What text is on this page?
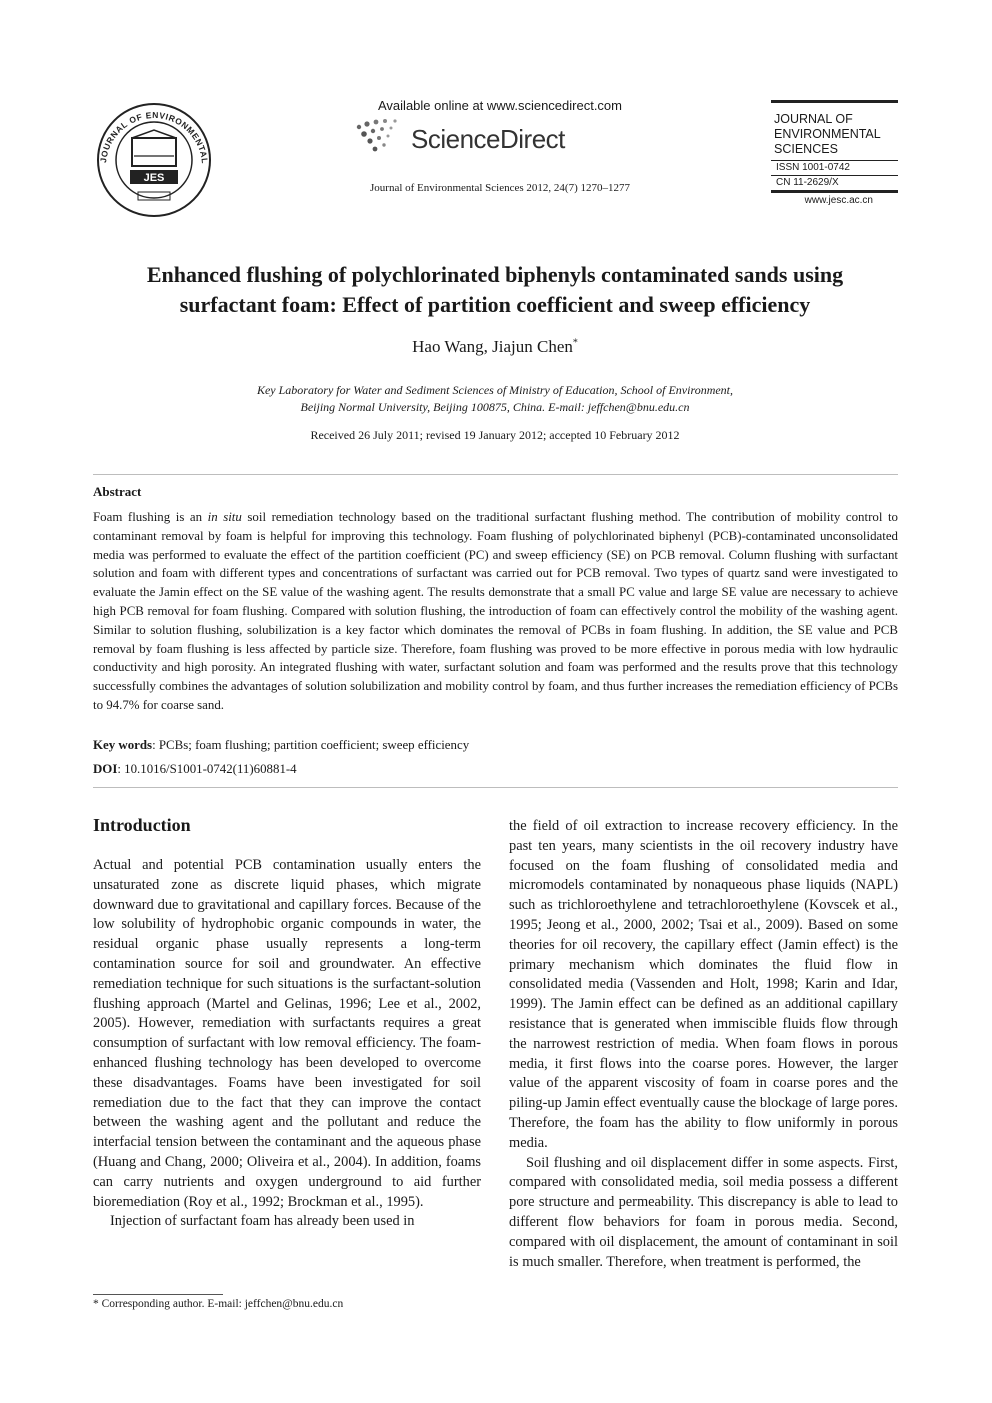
JOURNAL OF ENVIRONMENTAL
JES
Available online at www.sciencedirect.com
ScienceDirect
Journal of Environmental Sciences 2012, 24(7) 1270–1277
JOURNAL OF
ENVIRONMENTAL
SCIENCES
ISSN 1001-0742
CN 11-2629/X
www.jesc.ac.cn
Enhanced flushing of polychlorinated biphenyls contaminated sands using
surfactant foam: Effect of partition coefficient and sweep efficiency
Hao Wang, Jiajun Chen*
Key Laboratory for Water and Sediment Sciences of Ministry of Education, School of Environment,
Beijing Normal University, Beijing 100875, China. E-mail: jeffchen@bnu.edu.cn
Received 26 July 2011; revised 19 January 2012; accepted 10 February 2012
Abstract
Foam flushing is an in situ soil remediation technology based on the traditional surfactant flushing method. The contribution of mobility control to contaminant removal by foam is helpful for improving this technology. Foam flushing of polychlorinated biphenyl (PCB)-contaminated unconsolidated media was performed to evaluate the effect of the partition coefficient (PC) and sweep efficiency (SE) on PCB removal. Column flushing with surfactant solution and foam with different types and concentrations of surfactant was carried out for PCB removal. Two types of quartz sand were investigated to evaluate the Jamin effect on the SE value of the washing agent. The results demonstrate that a small PC value and large SE value are necessary to achieve high PCB removal for foam flushing. Compared with solution flushing, the introduction of foam can effectively control the mobility of the washing agent. Similar to solution flushing, solubilization is a key factor which dominates the removal of PCBs in foam flushing. In addition, the SE value and PCB removal by foam flushing is less affected by particle size. Therefore, foam flushing was proved to be more effective in porous media with low hydraulic conductivity and high porosity. An integrated flushing with water, surfactant solution and foam was performed and the results prove that this technology successfully combines the advantages of solution solubilization and mobility control by foam, and thus further increases the remediation efficiency of PCBs to 94.7% for coarse sand.
Key words: PCBs; foam flushing; partition coefficient; sweep efficiency
DOI: 10.1016/S1001-0742(11)60881-4
Introduction

Actual and potential PCB contamination usually enters the unsaturated zone as discrete liquid phases, which migrate downward due to gravitational and capillary forces. Because of the low solubility of hydrophobic organic compounds in water, the residual organic phase usually represents a long-term contamination source for soil and groundwater. An effective remediation technique for such situations is the surfactant-solution flushing approach (Martel and Gelinas, 1996; Lee et al., 2002, 2005). However, remediation with surfactants requires a great consumption of surfactant with low removal efficiency. The foam-enhanced flushing technology has been developed to overcome these disadvantages. Foams have been investigated for soil remediation due to the fact that they can improve the contact between the washing agent and the pollutant and reduce the interfacial tension between the contaminant and the aqueous phase (Huang and Chang, 2000; Oliveira et al., 2004). In addition, foams can carry nutrients and oxygen underground to aid further bioremediation (Roy et al., 1992; Brockman et al., 1995).

Injection of surfactant foam has already been used in

the field of oil extraction to increase recovery efficiency. In the past ten years, many scientists in the oil recovery industry have focused on the foam flushing of consolidated media and micromodels contaminated by nonaqueous phase liquids (NAPL) such as trichloroethylene and tetrachloroethylene (Kovscek et al., 1995; Jeong et al., 2000, 2002; Tsai et al., 2009). Based on some theories for oil recovery, the capillary effect (Jamin effect) is the primary mechanism which dominates the fluid flow in consolidated media (Vassenden and Holt, 1998; Karin and Idar, 1999). The Jamin effect can be defined as an additional capillary resistance that is generated when immiscible fluids flow through the narrowest restriction of media. When foam flows in porous media, it first flows into the coarse pores. However, the larger value of the apparent viscosity of foam in coarse pores and the piling-up Jamin effect eventually cause the blockage of large pores. Therefore, the foam has the ability to flow uniformly in porous media.

Soil flushing and oil displacement differ in some aspects. First, compared with consolidated media, soil media possess a different pore structure and permeability. This discrepancy is able to lead to different flow behaviors for foam in porous media. Second, compared with oil displacement, the amount of contaminant in soil is much smaller. Therefore, when treatment is performed, the

* Corresponding author. E-mail: jeffchen@bnu.edu.cn
